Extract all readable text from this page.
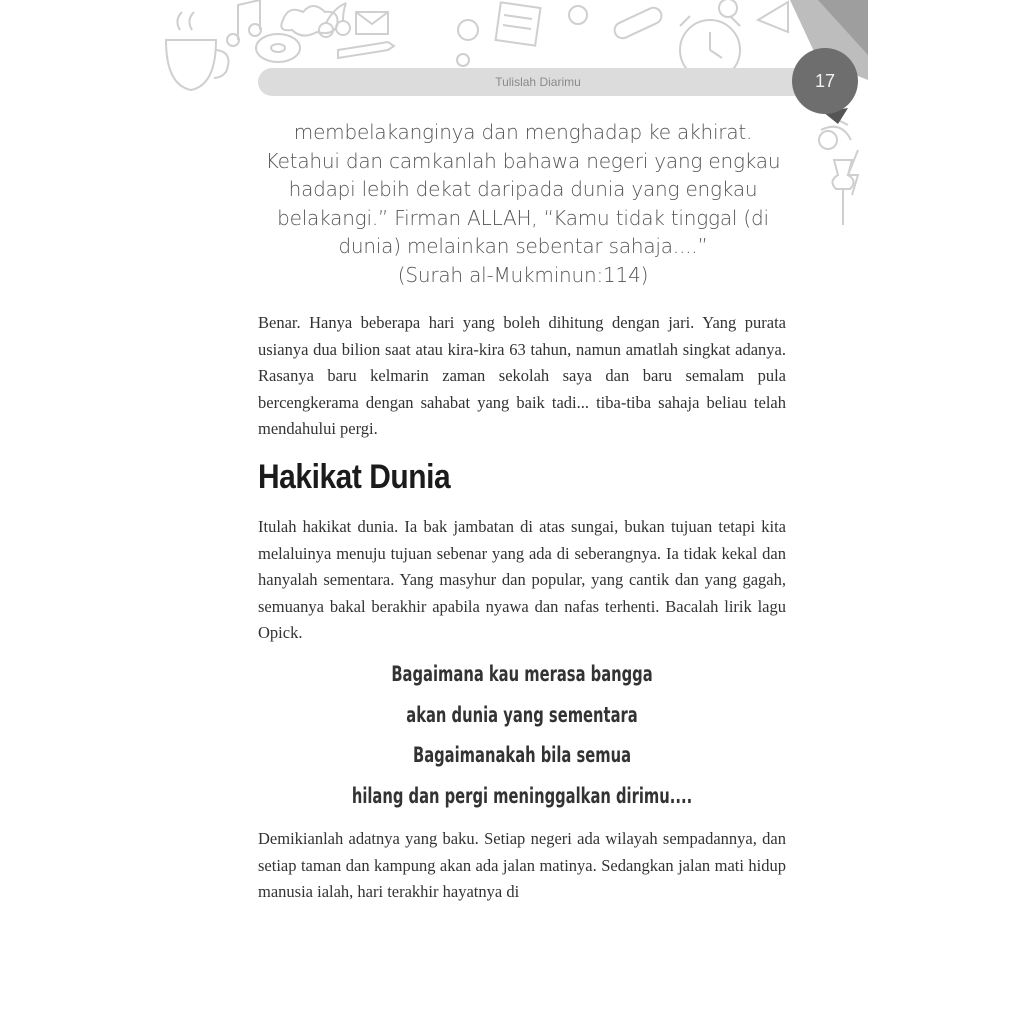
Tulislah Diarimu	17
membelakanginya dan menghadap ke akhirat.
Ketahui dan camkanlah bahawa negeri yang engkau
hadapi lebih dekat daripada dunia yang engkau
belakangi.” Firman ALLAH, “Kamu tidak tinggal (di
dunia) melainkan sebentar sahaja....”
(Surah al-Mukminun:114)
Benar. Hanya beberapa hari yang boleh dihitung dengan jari. Yang purata usianya dua bilion saat atau kira-kira 63 tahun, namun amatlah singkat adanya. Rasanya baru kelmarin zaman sekolah saya dan baru semalam pula bercengkerama dengan sahabat yang baik tadi... tiba-tiba sahaja beliau telah mendahului pergi.
Hakikat Dunia
Itulah hakikat dunia. Ia bak jambatan di atas sungai, bukan tujuan tetapi kita melaluinya menuju tujuan sebenar yang ada di seberangnya. Ia tidak kekal dan hanyalah sementara. Yang masyhur dan popular, yang cantik dan yang gagah, semuanya bakal berakhir apabila nyawa dan nafas terhenti. Bacalah lirik lagu Opick.
Bagaimana kau merasa bangga
akan dunia yang sementara
Bagaimanakah bila semua
hilang dan pergi meninggalkan dirimu....
Demikianlah adatnya yang baku. Setiap negeri ada wilayah sempadannya, dan setiap taman dan kampung akan ada jalan matinya. Sedangkan jalan mati hidup manusia ialah, hari terakhir hayatnya di
